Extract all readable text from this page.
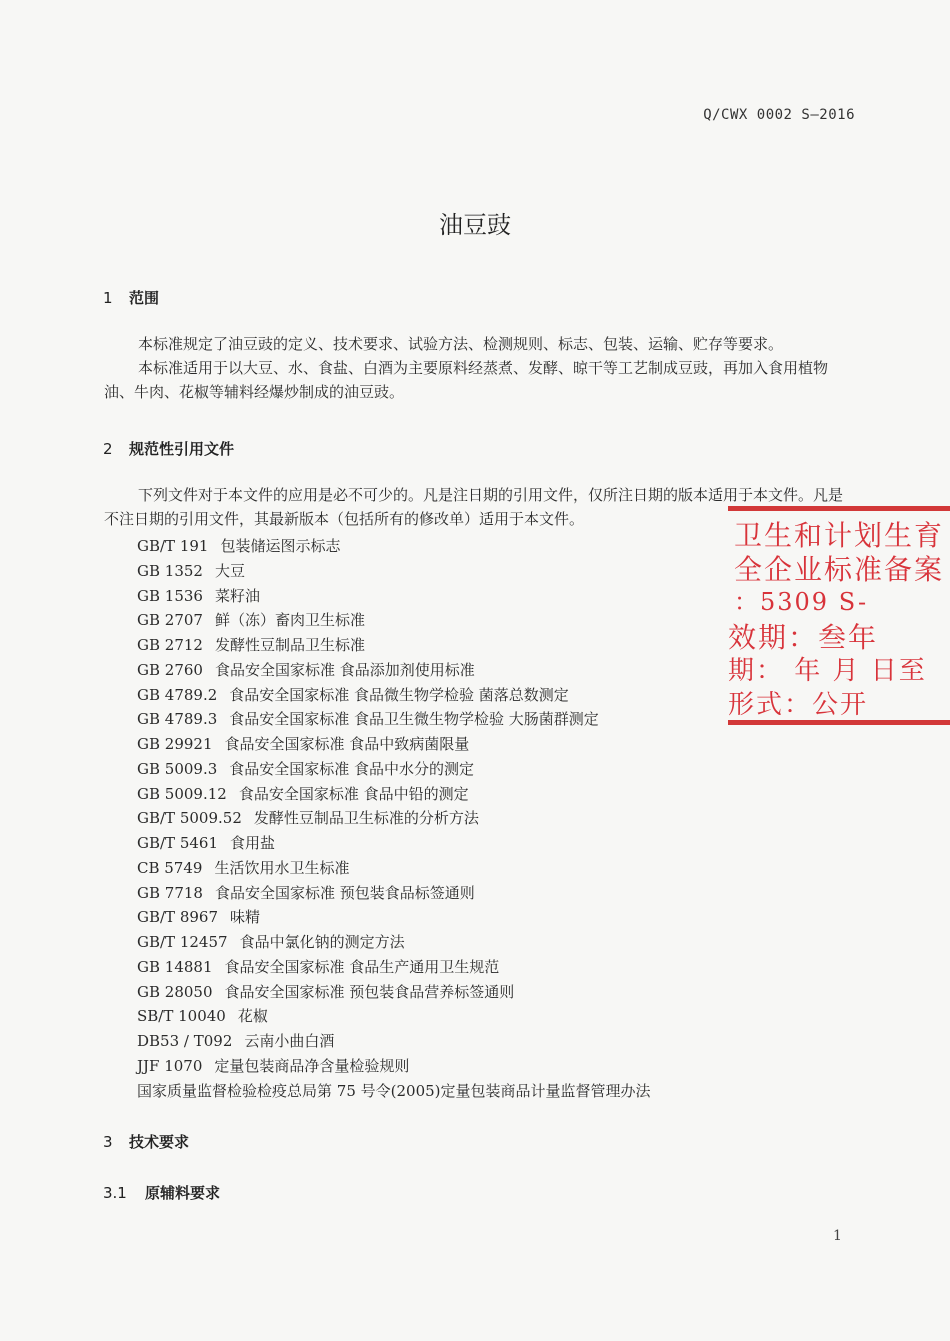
Q/CWX 0002 S—2016
油豆豉
1 范围

本标准规定了油豆豉的定义、技术要求、试验方法、检测规则、标志、包装、运输、贮存等要求。

本标准适用于以大豆、水、食盐、白酒为主要原料经蒸煮、发酵、晾干等工艺制成豆豉，再加入食用植物油、牛肉、花椒等辅料经爆炒制成的油豆豉。

2 规范性引用文件

下列文件对于本文件的应用是必不可少的。凡是注日期的引用文件，仅所注日期的版本适用于本文件。凡是不注日期的引用文件，其最新版本（包括所有的修改单）适用于本文件。

GB/T 191 包装储运图示标志
GB 1352 大豆
GB 1536 菜籽油
GB 2707 鲜（冻）畜肉卫生标准
GB 2712 发酵性豆制品卫生标准
GB 2760 食品安全国家标准 食品添加剂使用标准
GB 4789.2 食品安全国家标准 食品微生物学检验 菌落总数测定
GB 4789.3 食品安全国家标准 食品卫生微生物学检验 大肠菌群测定
GB 29921 食品安全国家标准 食品中致病菌限量
GB 5009.3 食品安全国家标准 食品中水分的测定
GB 5009.12 食品安全国家标准 食品中铅的测定
GB/T 5009.52 发酵性豆制品卫生标准的分析方法
GB/T 5461 食用盐
CB 5749 生活饮用水卫生标准
GB 7718 食品安全国家标准 预包装食品标签通则
GB/T 8967 味精
GB/T 12457 食品中氯化钠的测定方法
GB 14881 食品安全国家标准 食品生产通用卫生规范
GB 28050 食品安全国家标准 预包装食品营养标签通则
SB/T 10040 花椒
DB53 / T092 云南小曲白酒
JJF 1070 定量包装商品净含量检验规则
国家质量监督检验检疫总局第 75 号令(2005)定量包装商品计量监督管理办法
3 技术要求
3.1 原辅料要求
卫生和计划生育
全企业标准备案
：5309 S-
效期：叁年
期： 年 月 日至
形式：公开
1
